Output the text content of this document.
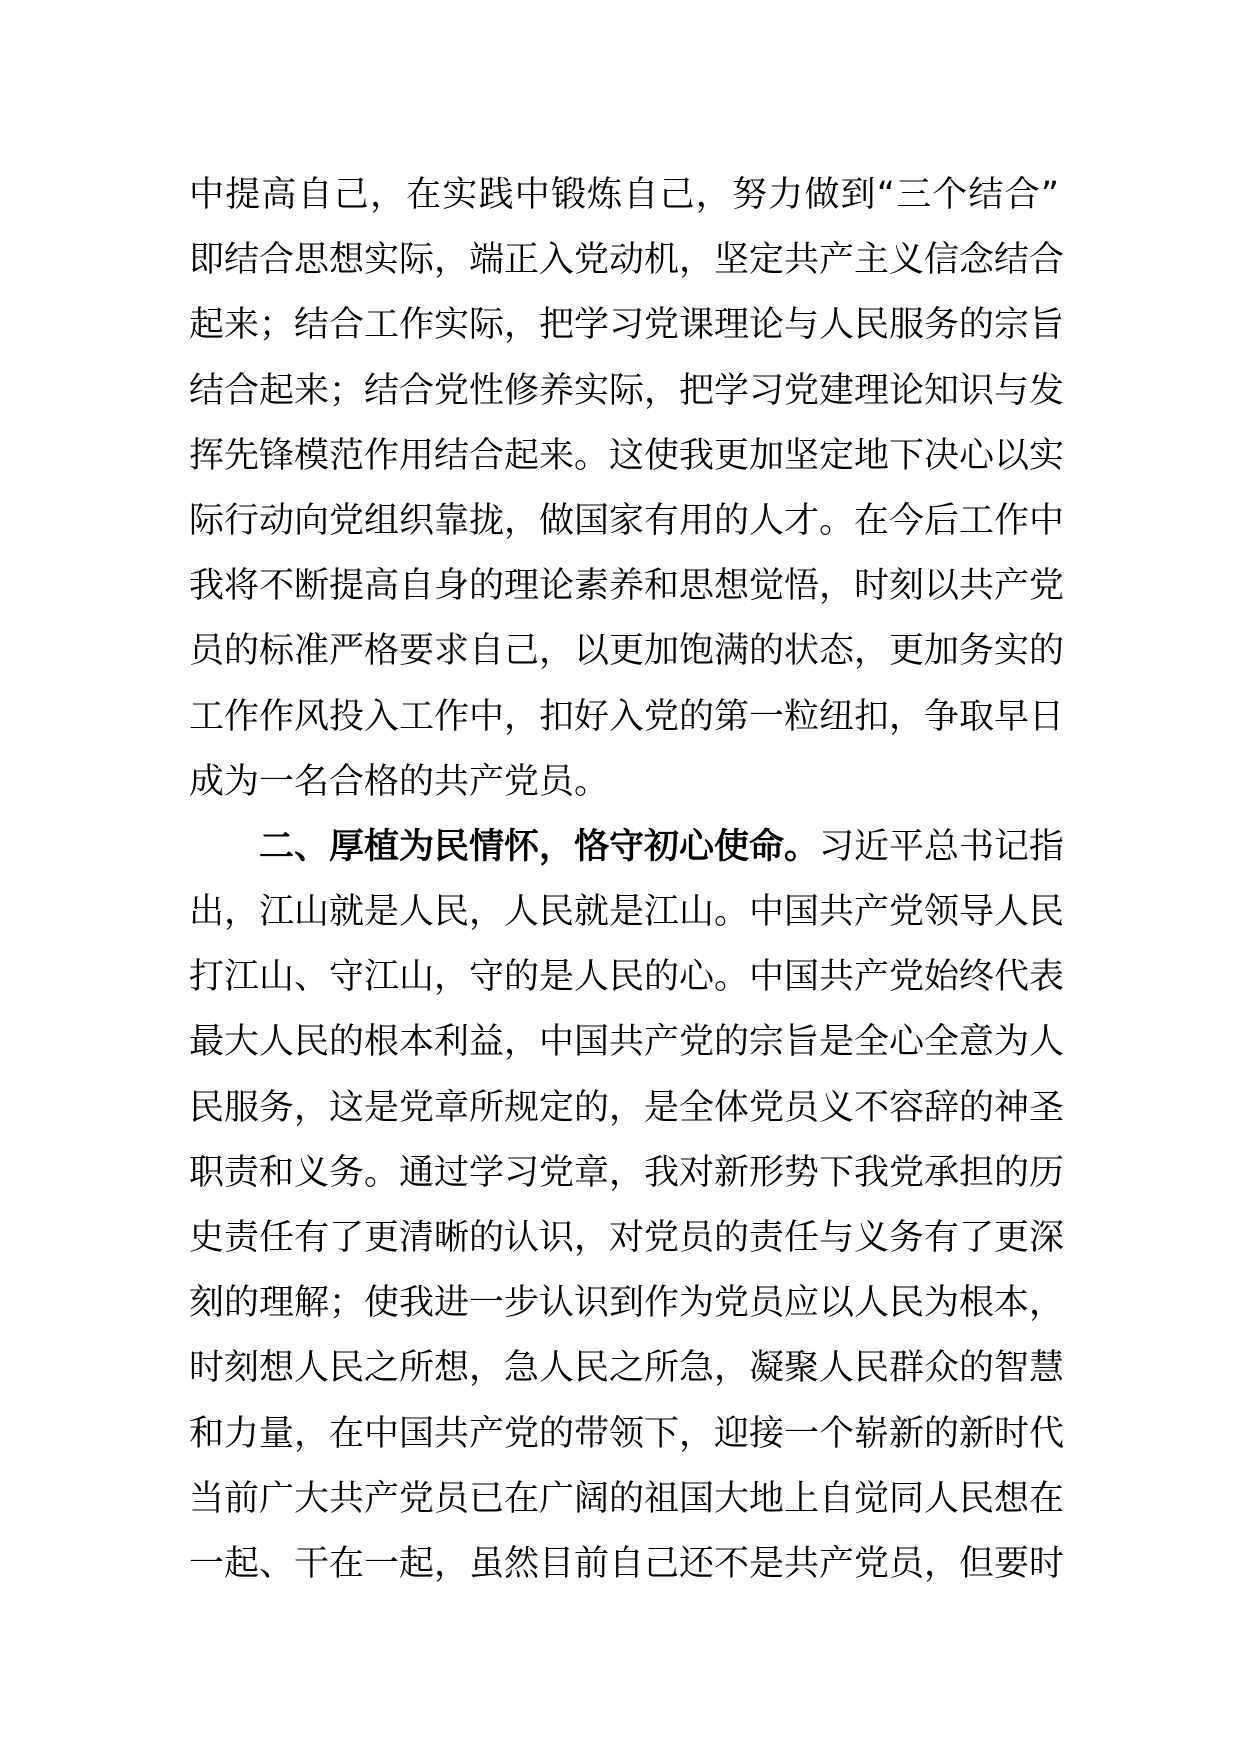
中提高自己，在实践中锻炼自己，努力做到“三个结合”
即结合思想实际，端正入党动机，坚定共产主义信念结合
起来；结合工作实际，把学习党课理论与人民服务的宗旨
结合起来；结合党性修养实际，把学习党建理论知识与发
挥先锋模范作用结合起来。这使我更加坚定地下决心以实
际行动向党组织靠拢，做国家有用的人才。在今后工作中
我将不断提高自身的理论素养和思想觉悟，时刻以共产党
员的标准严格要求自己，以更加饱满的状态，更加务实的
工作作风投入工作中，扣好入党的第一粒纽扣，争取早日
成为一名合格的共产党员。
二、厚植为民情怀，恪守初心使命。习近平总书记指
出，江山就是人民，人民就是江山。中国共产党领导人民
打江山、守江山，守的是人民的心。中国共产党始终代表
最大人民的根本利益，中国共产党的宗旨是全心全意为人
民服务，这是党章所规定的，是全体党员义不容辞的神圣
职责和义务。通过学习党章，我对新形势下我党承担的历
史责任有了更清晰的认识，对党员的责任与义务有了更深
刻的理解；使我进一步认识到作为党员应以人民为根本，
时刻想人民之所想，急人民之所急，凝聚人民群众的智慧
和力量，在中国共产党的带领下，迎接一个崭新的新时代
当前广大共产党员已在广阔的祖国大地上自觉同人民想在
一起、干在一起，虽然目前自己还不是共产党员，但要时
